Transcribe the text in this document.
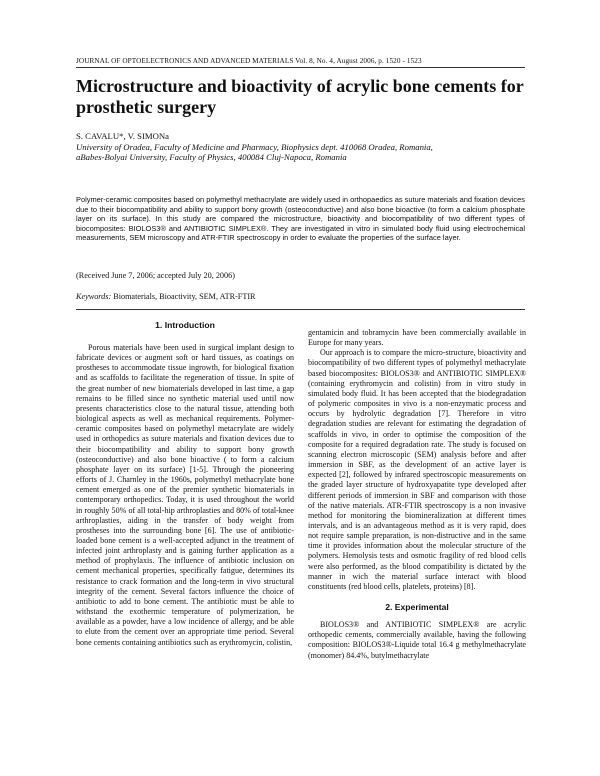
JOURNAL OF OPTOELECTRONICS AND ADVANCED MATERIALS Vol. 8, No. 4, August 2006, p. 1520 - 1523
Microstructure and bioactivity of acrylic bone cements for prosthetic surgery
S. CAVALU*, V. SIMONa
University of Oradea, Faculty of Medicine and Pharmacy, Biophysics dept. 410068 Oradea, Romania,
aBabes-Bolyai University, Faculty of Physics, 400084 Cluj-Napoca, Romania
Polymer-ceramic composites based on polymethyl methacrylate are widely used in orthopaedics as suture materials and fixation devices due to their biocompatibility and ability to support bony growth (osteoconductive) and also bone bioactive (to form a calcium phosphate layer on its surface). In this study are compared the microstructure, bioactivity and biocompatibility of two different types of biocomposites: BIOLOS3® and ANTIBIOTIC SIMPLEX®. They are investigated in vitro in simulated body fluid using electrochemical measurements, SEM microscopy and ATR-FTIR spectroscopy in order to evaluate the properties of the surface layer.
(Received June 7, 2006; accepted July 20, 2006)
Keywords: Biomaterials, Bioactivity, SEM, ATR-FTIR
1. Introduction

Porous materials have been used in surgical implant design to fabricate devices or augment soft or hard tissues, as coatings on prostheses to accommodate tissue ingrowth, for biological fixation and as scaffolds to facilitate the regeneration of tissue. In spite of the great number of new biomaterials developed in last time, a gap remains to be filled since no synthetic material used until now presents characteristics close to the natural tissue, attending both biological aspects as well as mechanical requirements. Polymer-ceramic composites based on polymethyl metacrylate are widely used in orthopedics as suture materials and fixation devices due to their biocompatibility and ability to support bony growth (osteoconductive) and also bone bioactive ( to form a calcium phosphate layer on its surface) [1-5]. Through the pioneering efforts of J. Charnley in the 1960s, polymethyl methacrylate bone cement emerged as one of the premier synthetic biomaterials in contemporary orthopedics. Today, it is used throughout the world in roughly 50% of all total-hip arthroplasties and 80% of total-knee arthroplasties, aiding in the transfer of body weight from prostheses into the surrounding bone [6]. The use of antibiotic-loaded bone cement is a well-accepted adjunct in the treatment of infected joint arthroplasty and is gaining further application as a method of prophylaxis. The influence of antibiotic inclusion on cement mechanical properties, specifically fatigue, determines its resistance to crack formation and the long-term in vivo structural integrity of the cement. Several factors influence the choice of antibiotic to add to bone cement. The antibiotic must be able to withstand the exothermic temperature of polymerization, be available as a powder, have a low incidence of allergy, and be able to elute from the cement over an appropriate time period. Several bone cements containing antibiotics such as erythromycin, colistin,

gentamicin and tobramycin have been commercially available in Europe for many years.

Our approach is to compare the micro-structure, bioactivity and biocompatibility of two different types of polymethyl methacrylate based biocomposites: BIOLOS3® and ANTIBIOTIC SIMPLEX® (containing erythromycin and colistin) from in vitro study in simulated body fluid. It has been accepted that the biodegradation of polymeric composites in vivo is a non-enzymatic process and occurs by hydrolytic degradation [7]. Therefore in vitro degradation studies are relevant for estimating the degradation of scaffolds in vivo, in order to optimise the composition of the composite for a required degradation rate. The study is focused on scanning electron microscopic (SEM) analysis before and after immersion in SBF, as the development of an active layer is expected [2], followed by infrared spectroscopic measurements on the graded layer structure of hydroxyapatite type developed after different periods of immersion in SBF and comparison with those of the native materials. ATR-FTIR spectroscopy is a non invasive method for monitoring the biomineralization at different times intervals, and is an advantageous method as it is very rapid, does not require sample preparation, is non-distructive and in the same time it provides information about the molecular structure of the polymers. Hemolysis tests and osmotic fragility of red blood cells were also performed, as the blood compatibility is dictated by the manner in wich the material surface interact with blood constituents (red blood cells, platelets, proteins) [8].

2. Experimental

BIOLOS3® and ANTIBIOTIC SIMPLEX® are acrylic orthopedic cements, commercially available, having the following composition: BIOLOS3®-Liquide total 16.4 g methylmethacrylate (monomer) 84.4%, butylmethacrylate
